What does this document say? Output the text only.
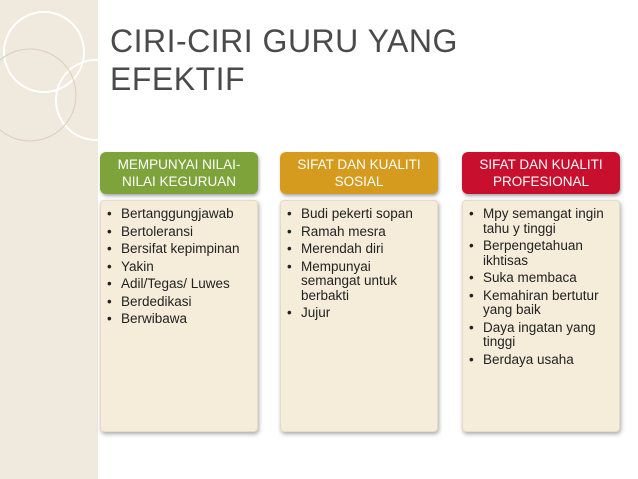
CIRI-CIRI GURU YANG
EFEKTIF
MEMPUNYAI NILAI-NILAI KEGURUAN
• Bertanggungjawab
• Bertoleransi
• Bersifat kepimpinan
• Yakin
• Adil/Tegas/ Luwes
• Berdedikasi
• Berwibawa
SIFAT DAN KUALITI SOSIAL
• Budi pekerti sopan
• Ramah mesra
• Merendah diri
• Mempunyai semangat untuk berbakti
• Jujur
SIFAT DAN KUALITI PROFESIONAL
• Mpy semangat ingin tahu y tinggi
• Berpengetahuan ikhtisas
• Suka membaca
• Kemahiran bertutur yang baik
• Daya ingatan yang tinggi
• Berdaya usaha
